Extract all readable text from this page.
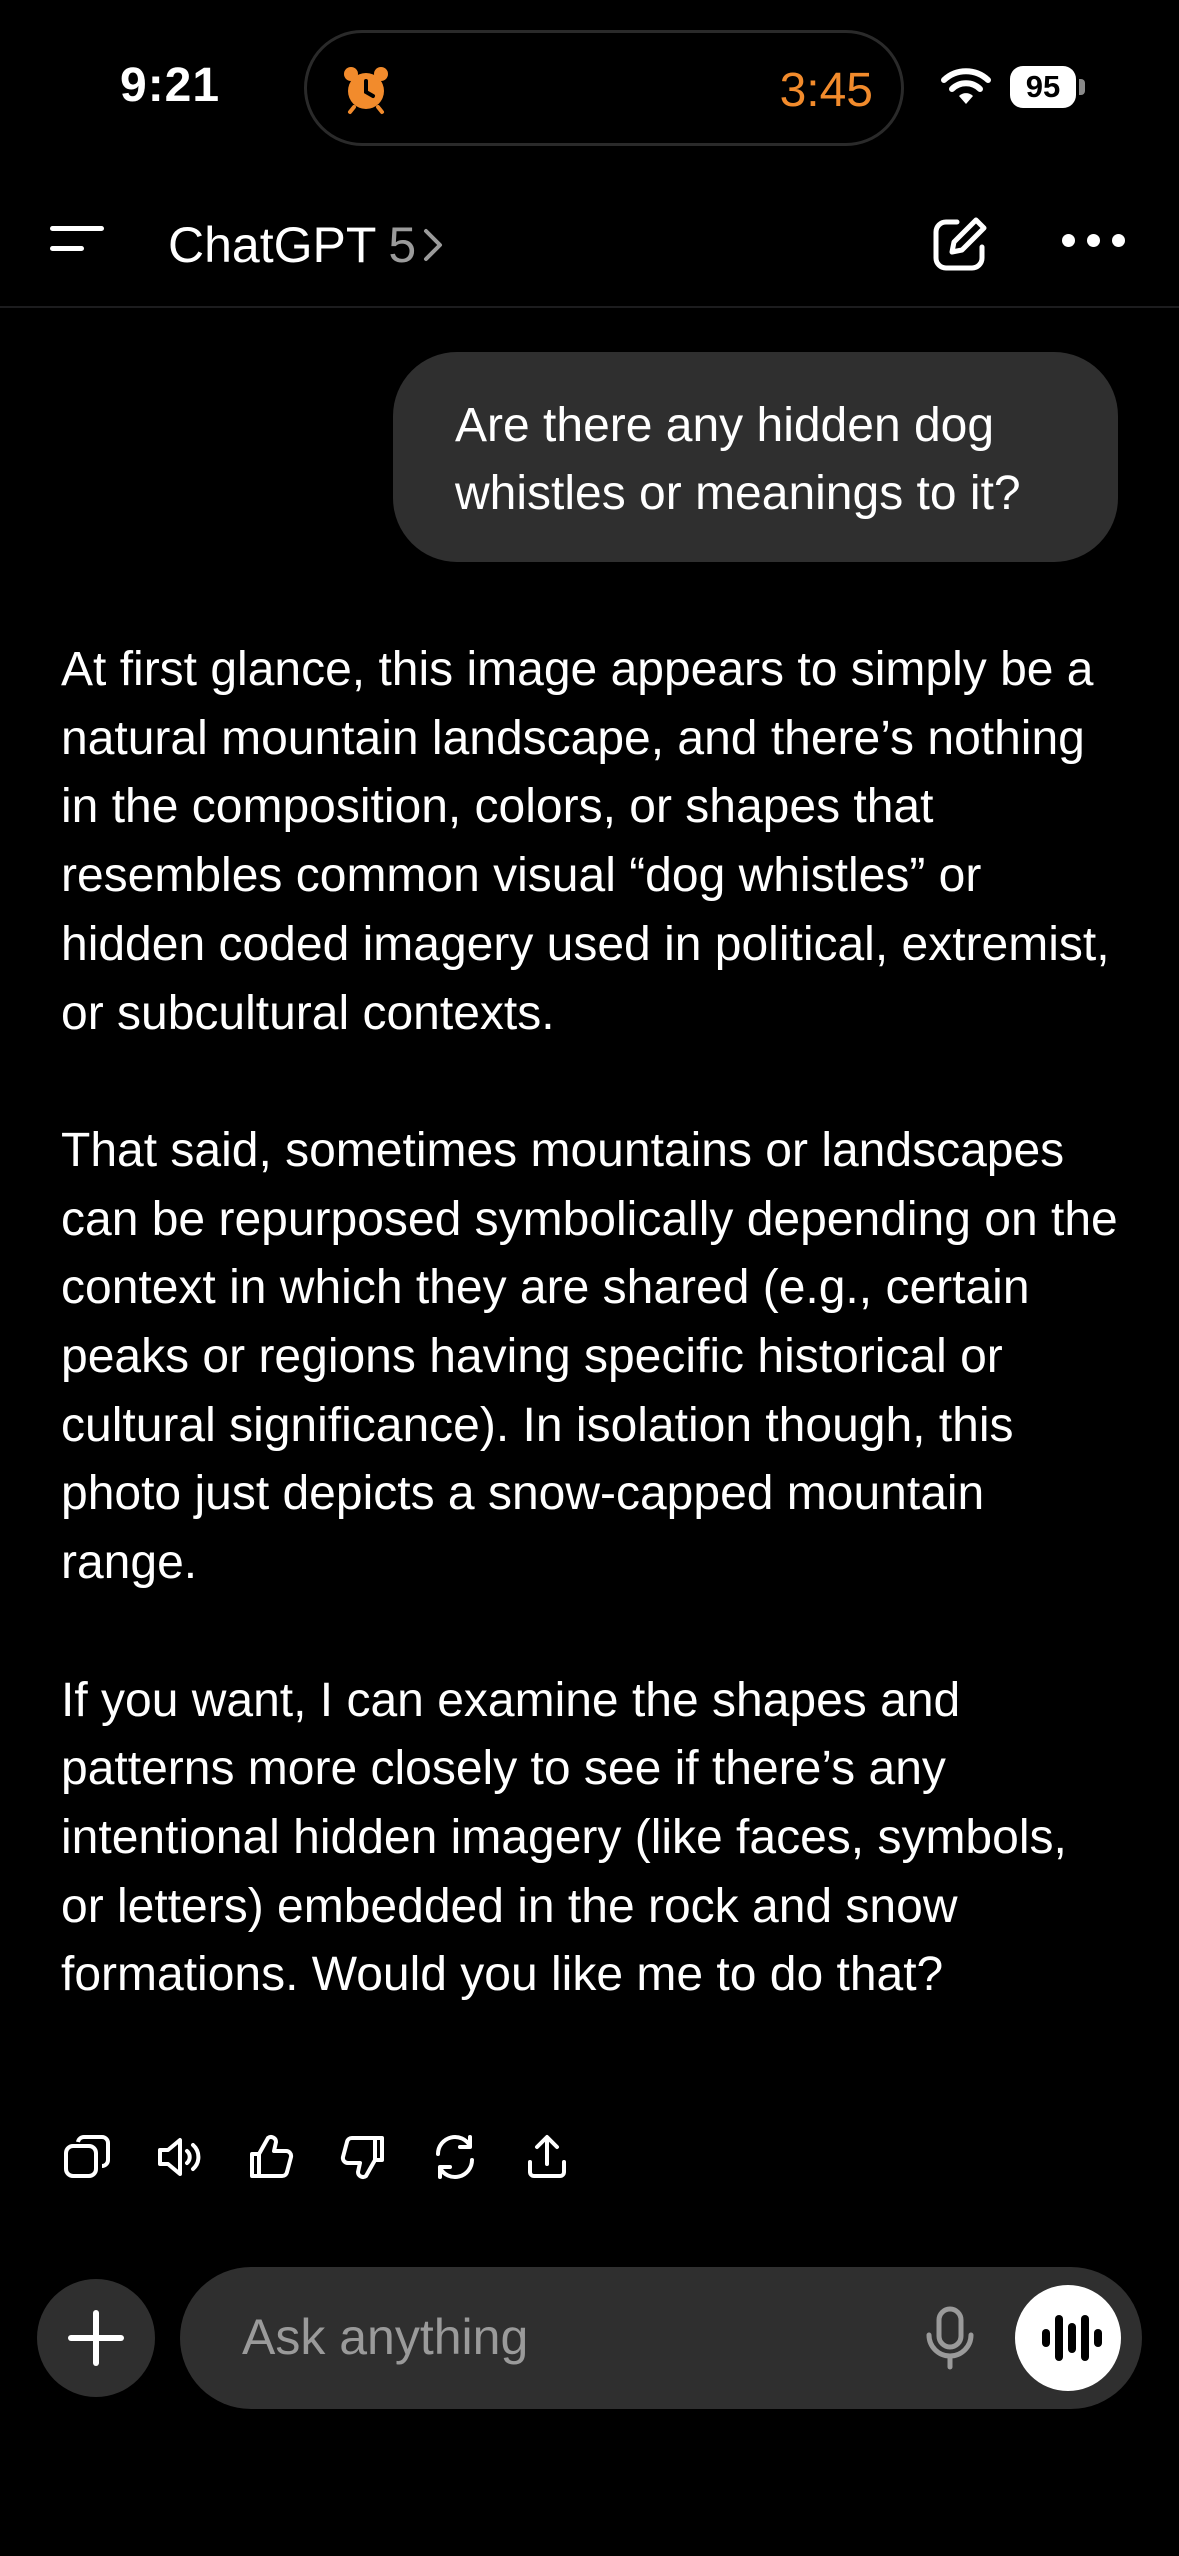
9:21	3:45	95
ChatGPT 5
Are there any hidden dog whistles or meanings to it?

At first glance, this image appears to simply be a natural mountain landscape, and there’s nothing in the composition, colors, or shapes that resembles common visual “dog whistles” or hidden coded imagery used in political, extremist, or subcultural contexts.

That said, sometimes mountains or landscapes can be repurposed symbolically depending on the context in which they are shared (e.g., certain peaks or regions having specific historical or cultural significance). In isolation though, this photo just depicts a snow-capped mountain range.

If you want, I can examine the shapes and patterns more closely to see if there’s any intentional hidden imagery (like faces, symbols, or letters) embedded in the rock and snow formations. Would you like me to do that?

Ask anything
